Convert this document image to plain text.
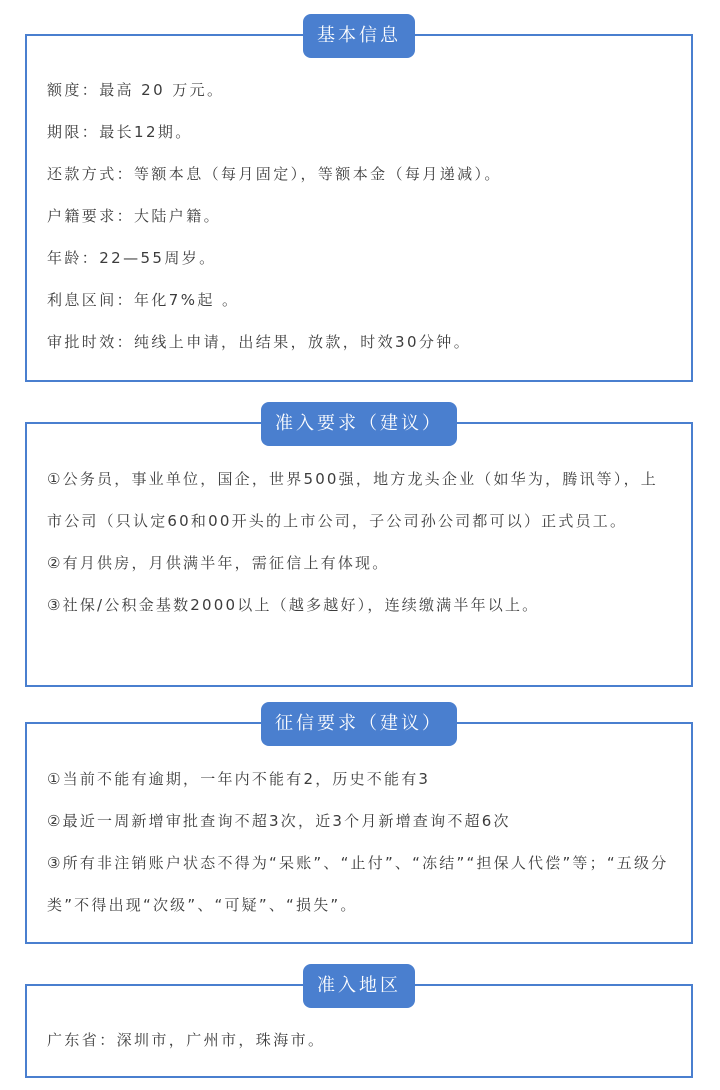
基本信息
额度：最高 20 万元。
期限：最长12期。
还款方式：等额本息（每月固定），等额本金（每月递减）。
户籍要求：大陆户籍。
年龄：22—55周岁。
利息区间：年化7%起 。
审批时效：纯线上申请，出结果，放款，时效30分钟。
准入要求（建议）
①公务员，事业单位，国企，世界500强，地方龙头企业（如华为，腾讯等），上市公司（只认定60和00开头的上市公司，子公司孙公司都可以）正式员工。
②有月供房，月供满半年，需征信上有体现。
③社保/公积金基数2000以上（越多越好），连续缴满半年以上。
征信要求（建议）
①当前不能有逾期，一年内不能有2，历史不能有3
②最近一周新增审批查询不超3次，近3个月新增查询不超6次
③所有非注销账户状态不得为“呆账”、“止付”、“冻结”“担保人代偿”等；“五级分类”不得出现“次级”、“可疑”、“损失”。
准入地区
广东省：深圳市，广州市，珠海市。
